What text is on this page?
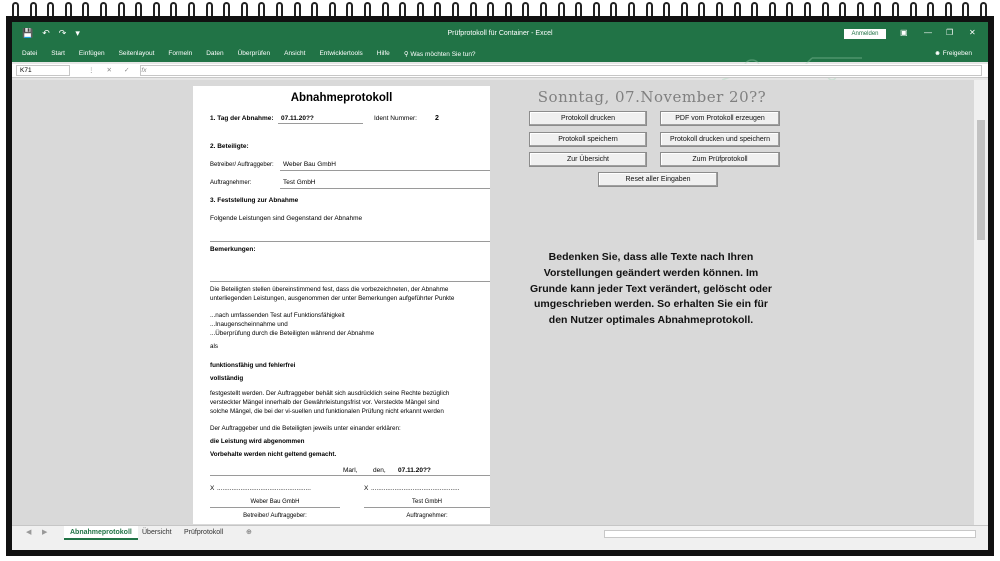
💾 ↶ ↷ ▾	Prüfprotokoll für Container - Excel	Anmelden	▣ — ❐ ✕
Datei Start Einfügen Seitenlayout Formeln Daten Überprüfen Ansicht Entwicklertools Hilfe ⚲ Was möchten Sie tun?	☻ Freigeben
K71	⋮ ✕ ✓ fx
Abnahmeprotokoll
1. Tag der Abnahme: 07.11.20??	Ident Nummer:	2
2. Beteiligte:
Betreiber/ Auftraggeber: Weber Bau GmbH
Auftragnehmer:	Test GmbH
3. Feststellung zur Abnahme
Folgende Leistungen sind Gegenstand der Abnahme
Bemerkungen:
Die Beteiligten stellen übereinstimmend fest, dass die vorbezeichneten, der Abnahme
unterliegenden Leistungen, ausgenommen der unter Bemerkungen aufgeführter Punkte
...nach umfassenden Test auf Funktionsfähigkeit
...Inaugenscheinnahme und
...Überprüfung durch die Beteiligten während der Abnahme
als
funktionsfähig und fehlerfrei
vollständig
festgestellt werden. Der Auftraggeber behält sich ausdrücklich seine Rechte bezüglich
versteckter Mängel innerhalb der Gewährleistungsfrist vor. Versteckte Mängel sind
solche Mängel, die bei der vi-suellen und funktionalen Prüfung nicht erkannt werden
Der Auftraggeber und die Beteiligten jeweils unter einander erklären:
die Leistung wird abgenommen
Vorbehalte werden nicht geltend gemacht.
Marl, den, 07.11.20??
X ....................................................	X .................................................
Weber Bau GmbH	Test GmbH
Betreiber/ Auftraggeber:	Auftragnehmer:
Sonntag, 07.November 20??
Protokoll drucken	PDF vom Protokoll erzeugen
Protokoll speichern	Protokoll drucken und speichern
Zur Übersicht	Zum Prüfprotokoll
Reset aller Eingaben
Bedenken Sie, dass alle Texte nach Ihren Vorstellungen geändert werden können. Im Grunde kann jeder Text verändert, gelöscht oder umgeschrieben werden. So erhalten Sie ein für den Nutzer optimales Abnahmeprotokoll.
◀	▶	Abnahmeprotokoll	Übersicht	Prüfprotokoll	⊕
